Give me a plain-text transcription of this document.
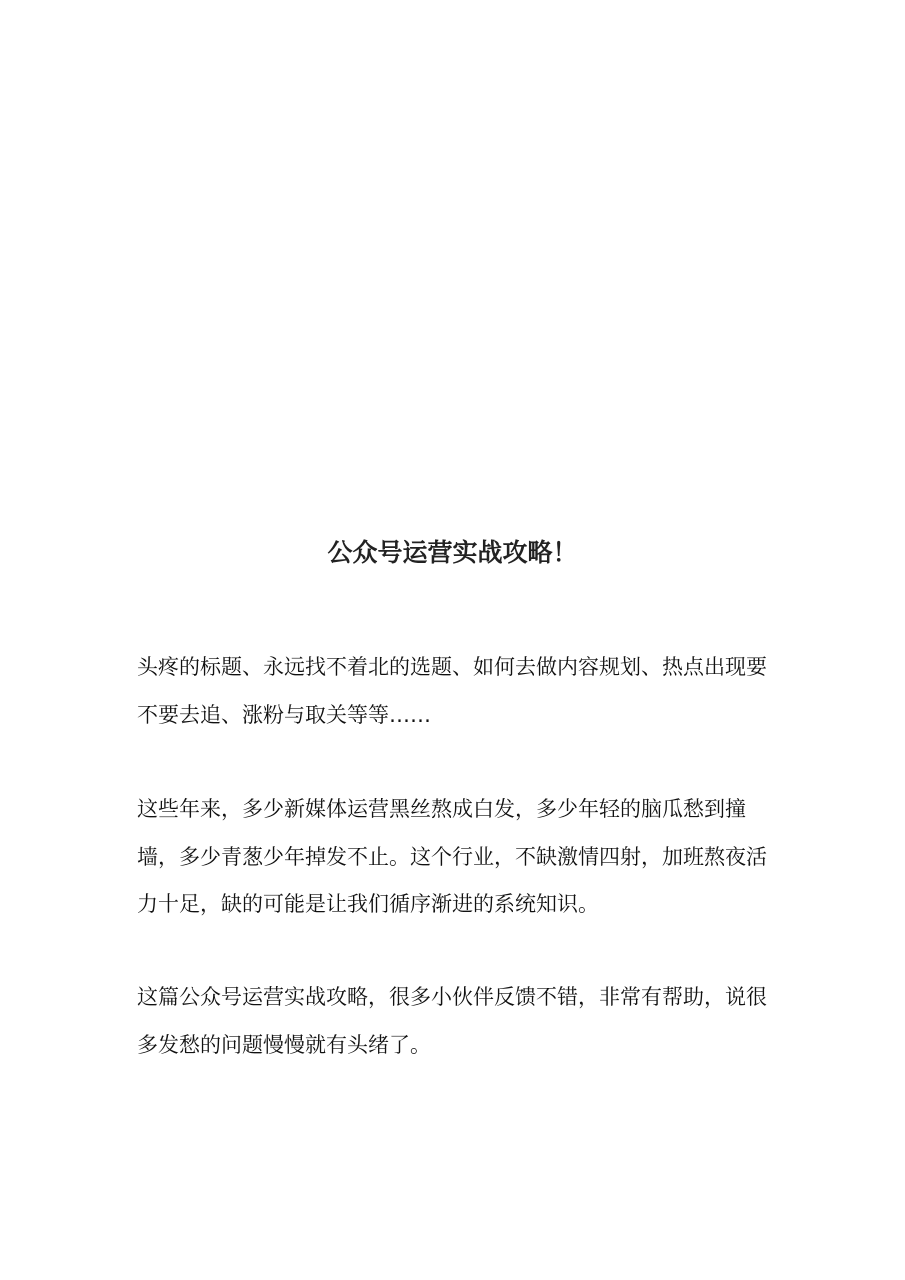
公众号运营实战攻略！

头疼的标题、永远找不着北的选题、如何去做内容规划、热点出现要不要去追、涨粉与取关等等……

这些年来，多少新媒体运营黑丝熬成白发，多少年轻的脑瓜愁到撞墙，多少青葱少年掉发不止。这个行业，不缺激情四射，加班熬夜活力十足，缺的可能是让我们循序渐进的系统知识。

这篇公众号运营实战攻略，很多小伙伴反馈不错，非常有帮助，说很多发愁的问题慢慢就有头绪了。
